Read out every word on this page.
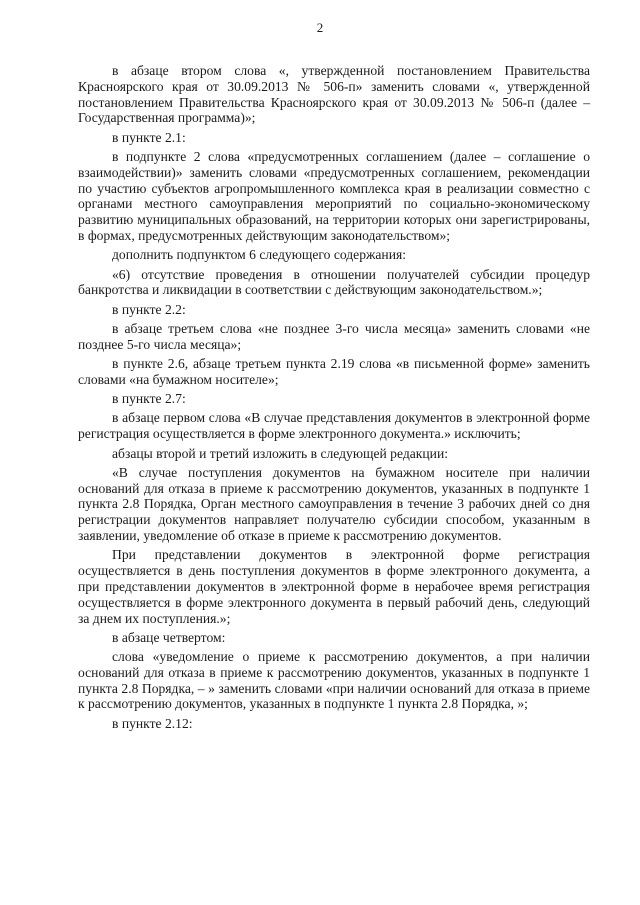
2

в абзаце втором слова «, утвержденной постановлением Правительства Красноярского края от 30.09.2013 № 506-п» заменить словами «, утвержденной постановлением Правительства Красноярского края от 30.09.2013 № 506-п (далее – Государственная программа)»;

в пункте 2.1:

в подпункте 2 слова «предусмотренных соглашением (далее – соглашение о взаимодействии)» заменить словами «предусмотренных соглашением, рекомендации по участию субъектов агропромышленного комплекса края в реализации совместно с органами местного самоуправления мероприятий по социально-экономическому развитию муниципальных образований, на территории которых они зарегистрированы, в формах, предусмотренных действующим законодательством»;

дополнить подпунктом 6 следующего содержания:

«6) отсутствие проведения в отношении получателей субсидии процедур банкротства и ликвидации в соответствии с действующим законодательством.»;

в пункте 2.2:

в абзаце третьем слова «не позднее 3-го числа месяца» заменить словами «не позднее 5-го числа месяца»;

в пункте 2.6, абзаце третьем пункта 2.19 слова «в письменной форме» заменить словами «на бумажном носителе»;

в пункте 2.7:

в абзаце первом слова «В случае представления документов в электронной форме регистрация осуществляется в форме электронного документа.» исключить;

абзацы второй и третий изложить в следующей редакции:

«В случае поступления документов на бумажном носителе при наличии оснований для отказа в приеме к рассмотрению документов, указанных в подпункте 1 пункта 2.8 Порядка, Орган местного самоуправления в течение 3 рабочих дней со дня регистрации документов направляет получателю субсидии способом, указанным в заявлении, уведомление об отказе в приеме к рассмотрению документов.

При представлении документов в электронной форме регистрация осуществляется в день поступления документов в форме электронного документа, а при представлении документов в электронной форме в нерабочее время регистрация осуществляется в форме электронного документа в первый рабочий день, следующий за днем их поступления.»;

в абзаце четвертом:

слова «уведомление о приеме к рассмотрению документов, а при наличии оснований для отказа в приеме к рассмотрению документов, указанных в подпункте 1 пункта 2.8 Порядка, – » заменить словами «при наличии оснований для отказа в приеме к рассмотрению документов, указанных в подпункте 1 пункта 2.8 Порядка, »;

в пункте 2.12:
